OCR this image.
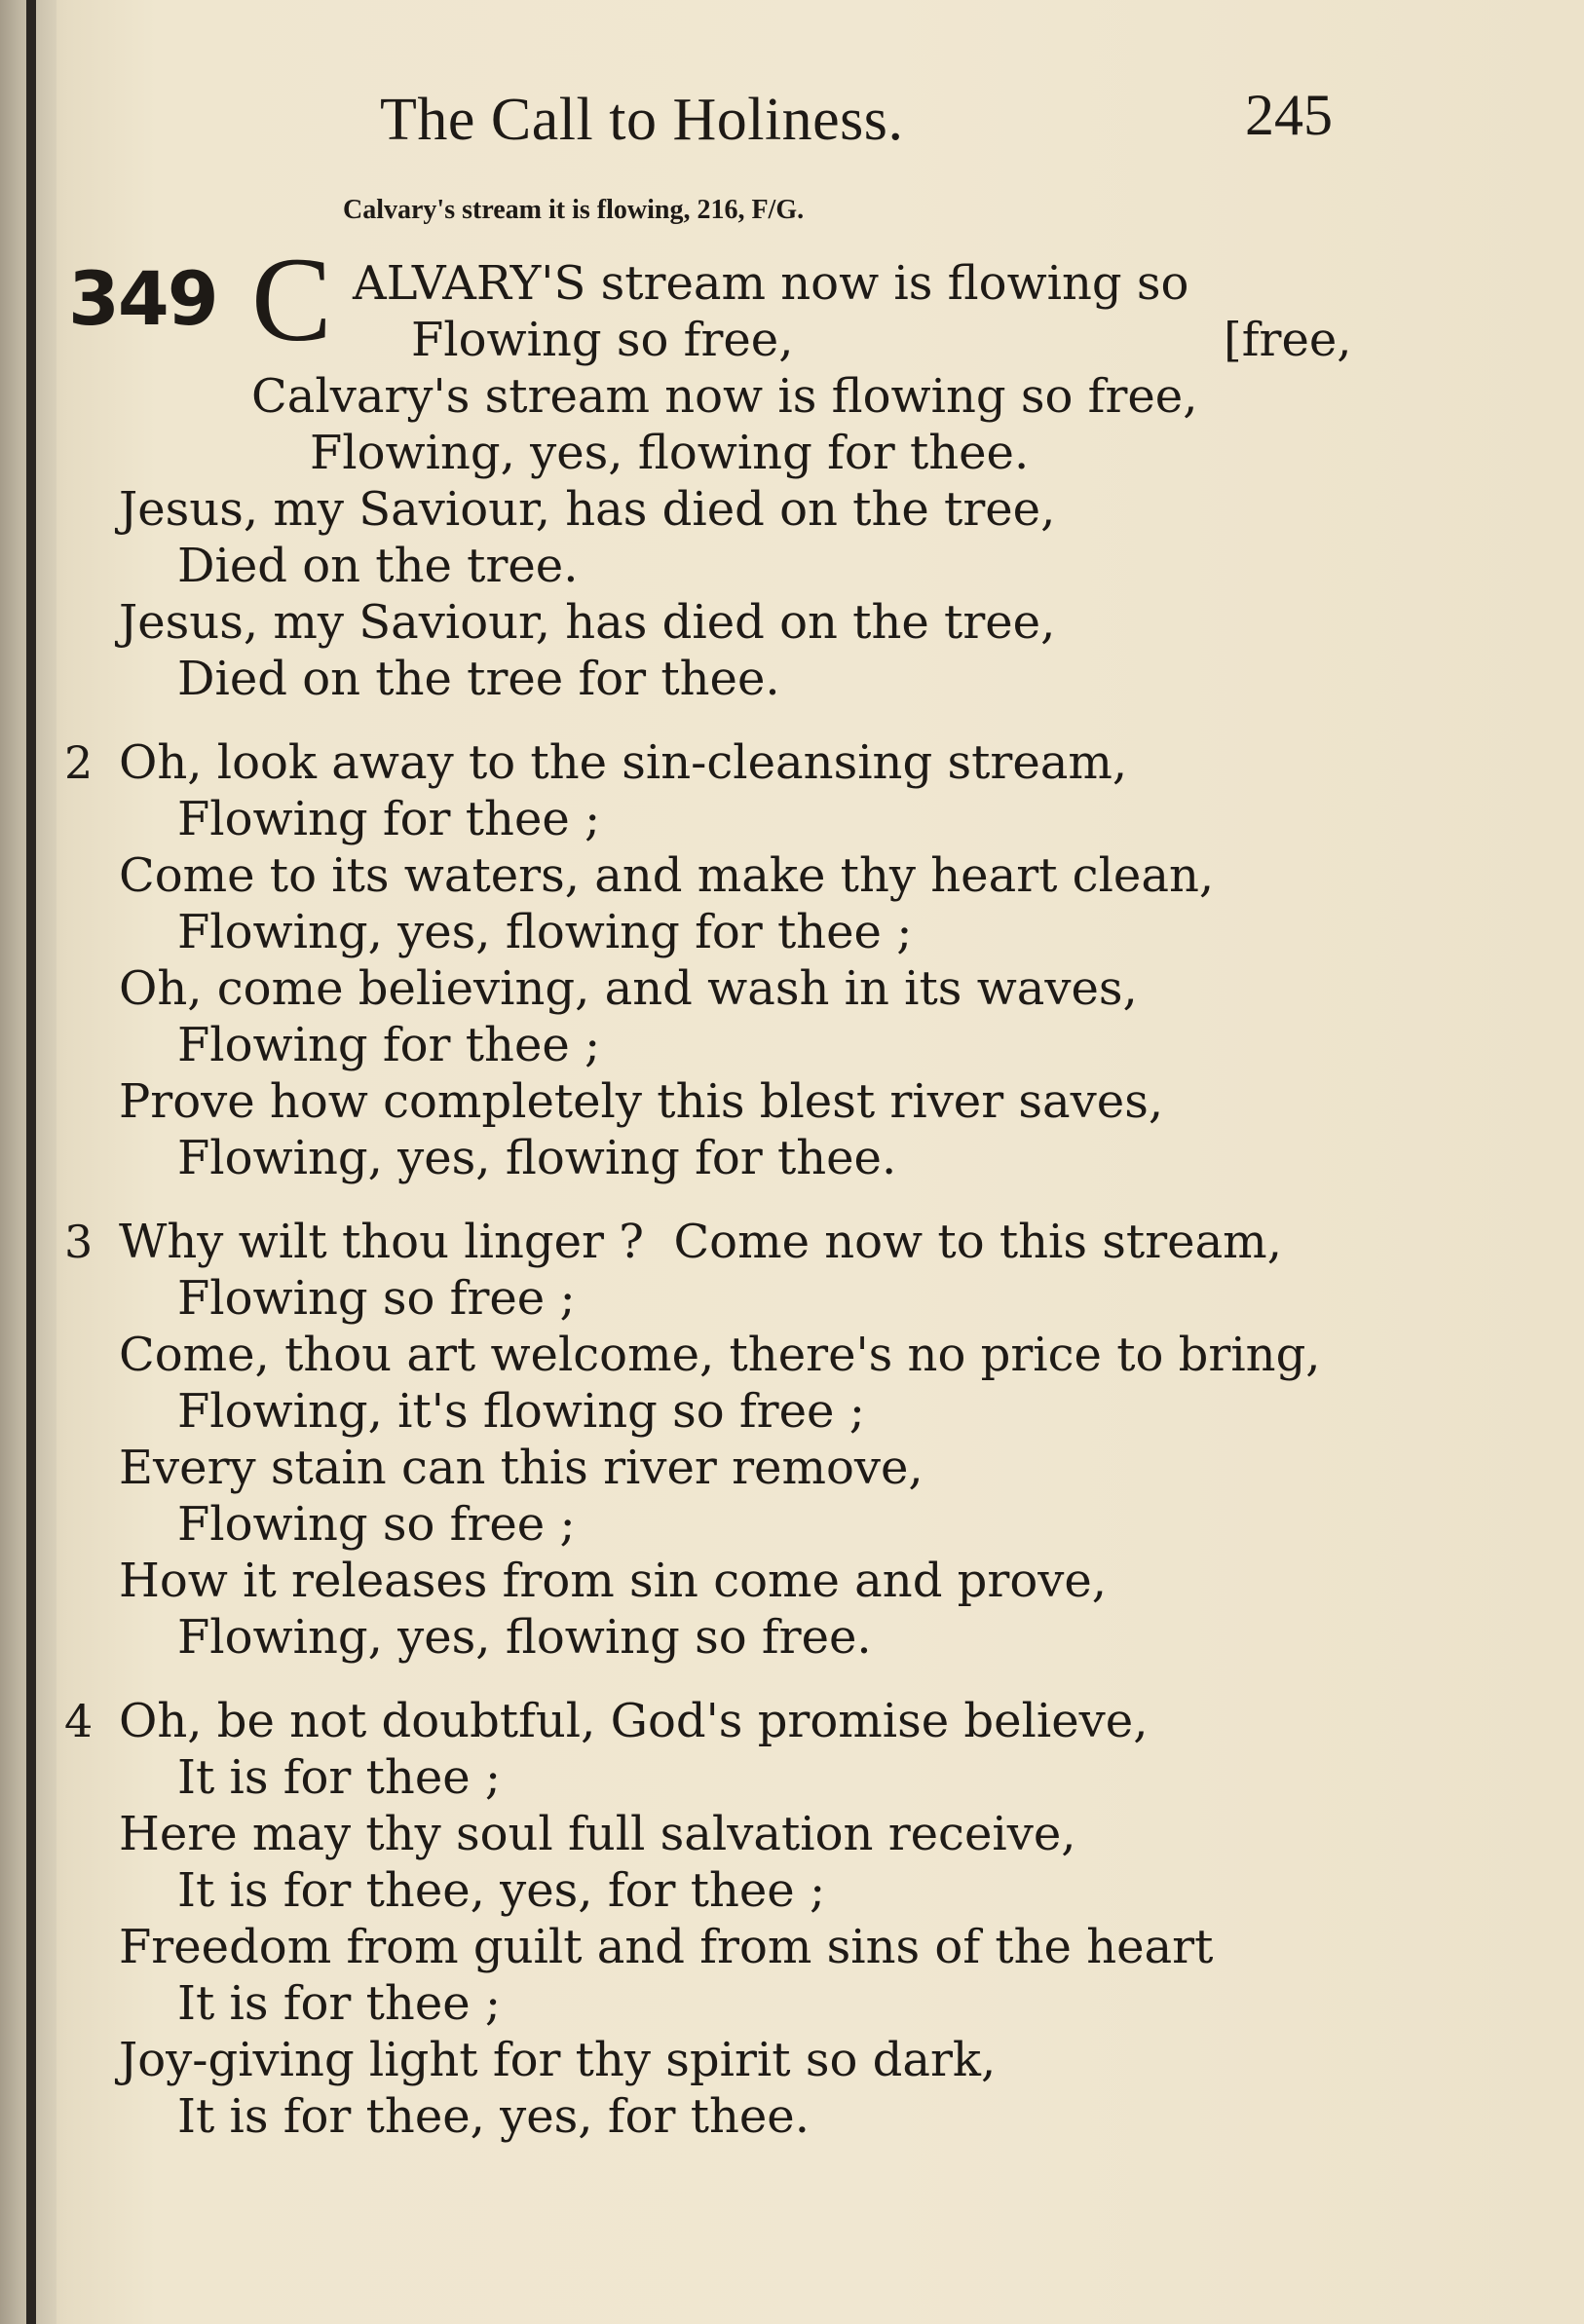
The Call to Holiness.	245
Calvary's stream it is flowing, 216, F/G.
349 C ALVARY'S stream now is flowing so
Flowing so free,	[free,
Calvary's stream now is flowing so free,
Flowing, yes, flowing for thee.
Jesus, my Saviour, has died on the tree,
Died on the tree.
Jesus, my Saviour, has died on the tree,
Died on the tree for thee.
2 Oh, look away to the sin-cleansing stream,
Flowing for thee ;
Come to its waters, and make thy heart clean,
Flowing, yes, flowing for thee ;
Oh, come believing, and wash in its waves,
Flowing for thee ;
Prove how completely this blest river saves,
Flowing, yes, flowing for thee.
3 Why wilt thou linger ?  Come now to this stream,
Flowing so free ;
Come, thou art welcome, there's no price to bring,
Flowing, it's flowing so free ;
Every stain can this river remove,
Flowing so free ;
How it releases from sin come and prove,
Flowing, yes, flowing so free.
4 Oh, be not doubtful, God's promise believe,
It is for thee ;
Here may thy soul full salvation receive,
It is for thee, yes, for thee ;
Freedom from guilt and from sins of the heart
It is for thee ;
Joy-giving light for thy spirit so dark,
It is for thee, yes, for thee.
